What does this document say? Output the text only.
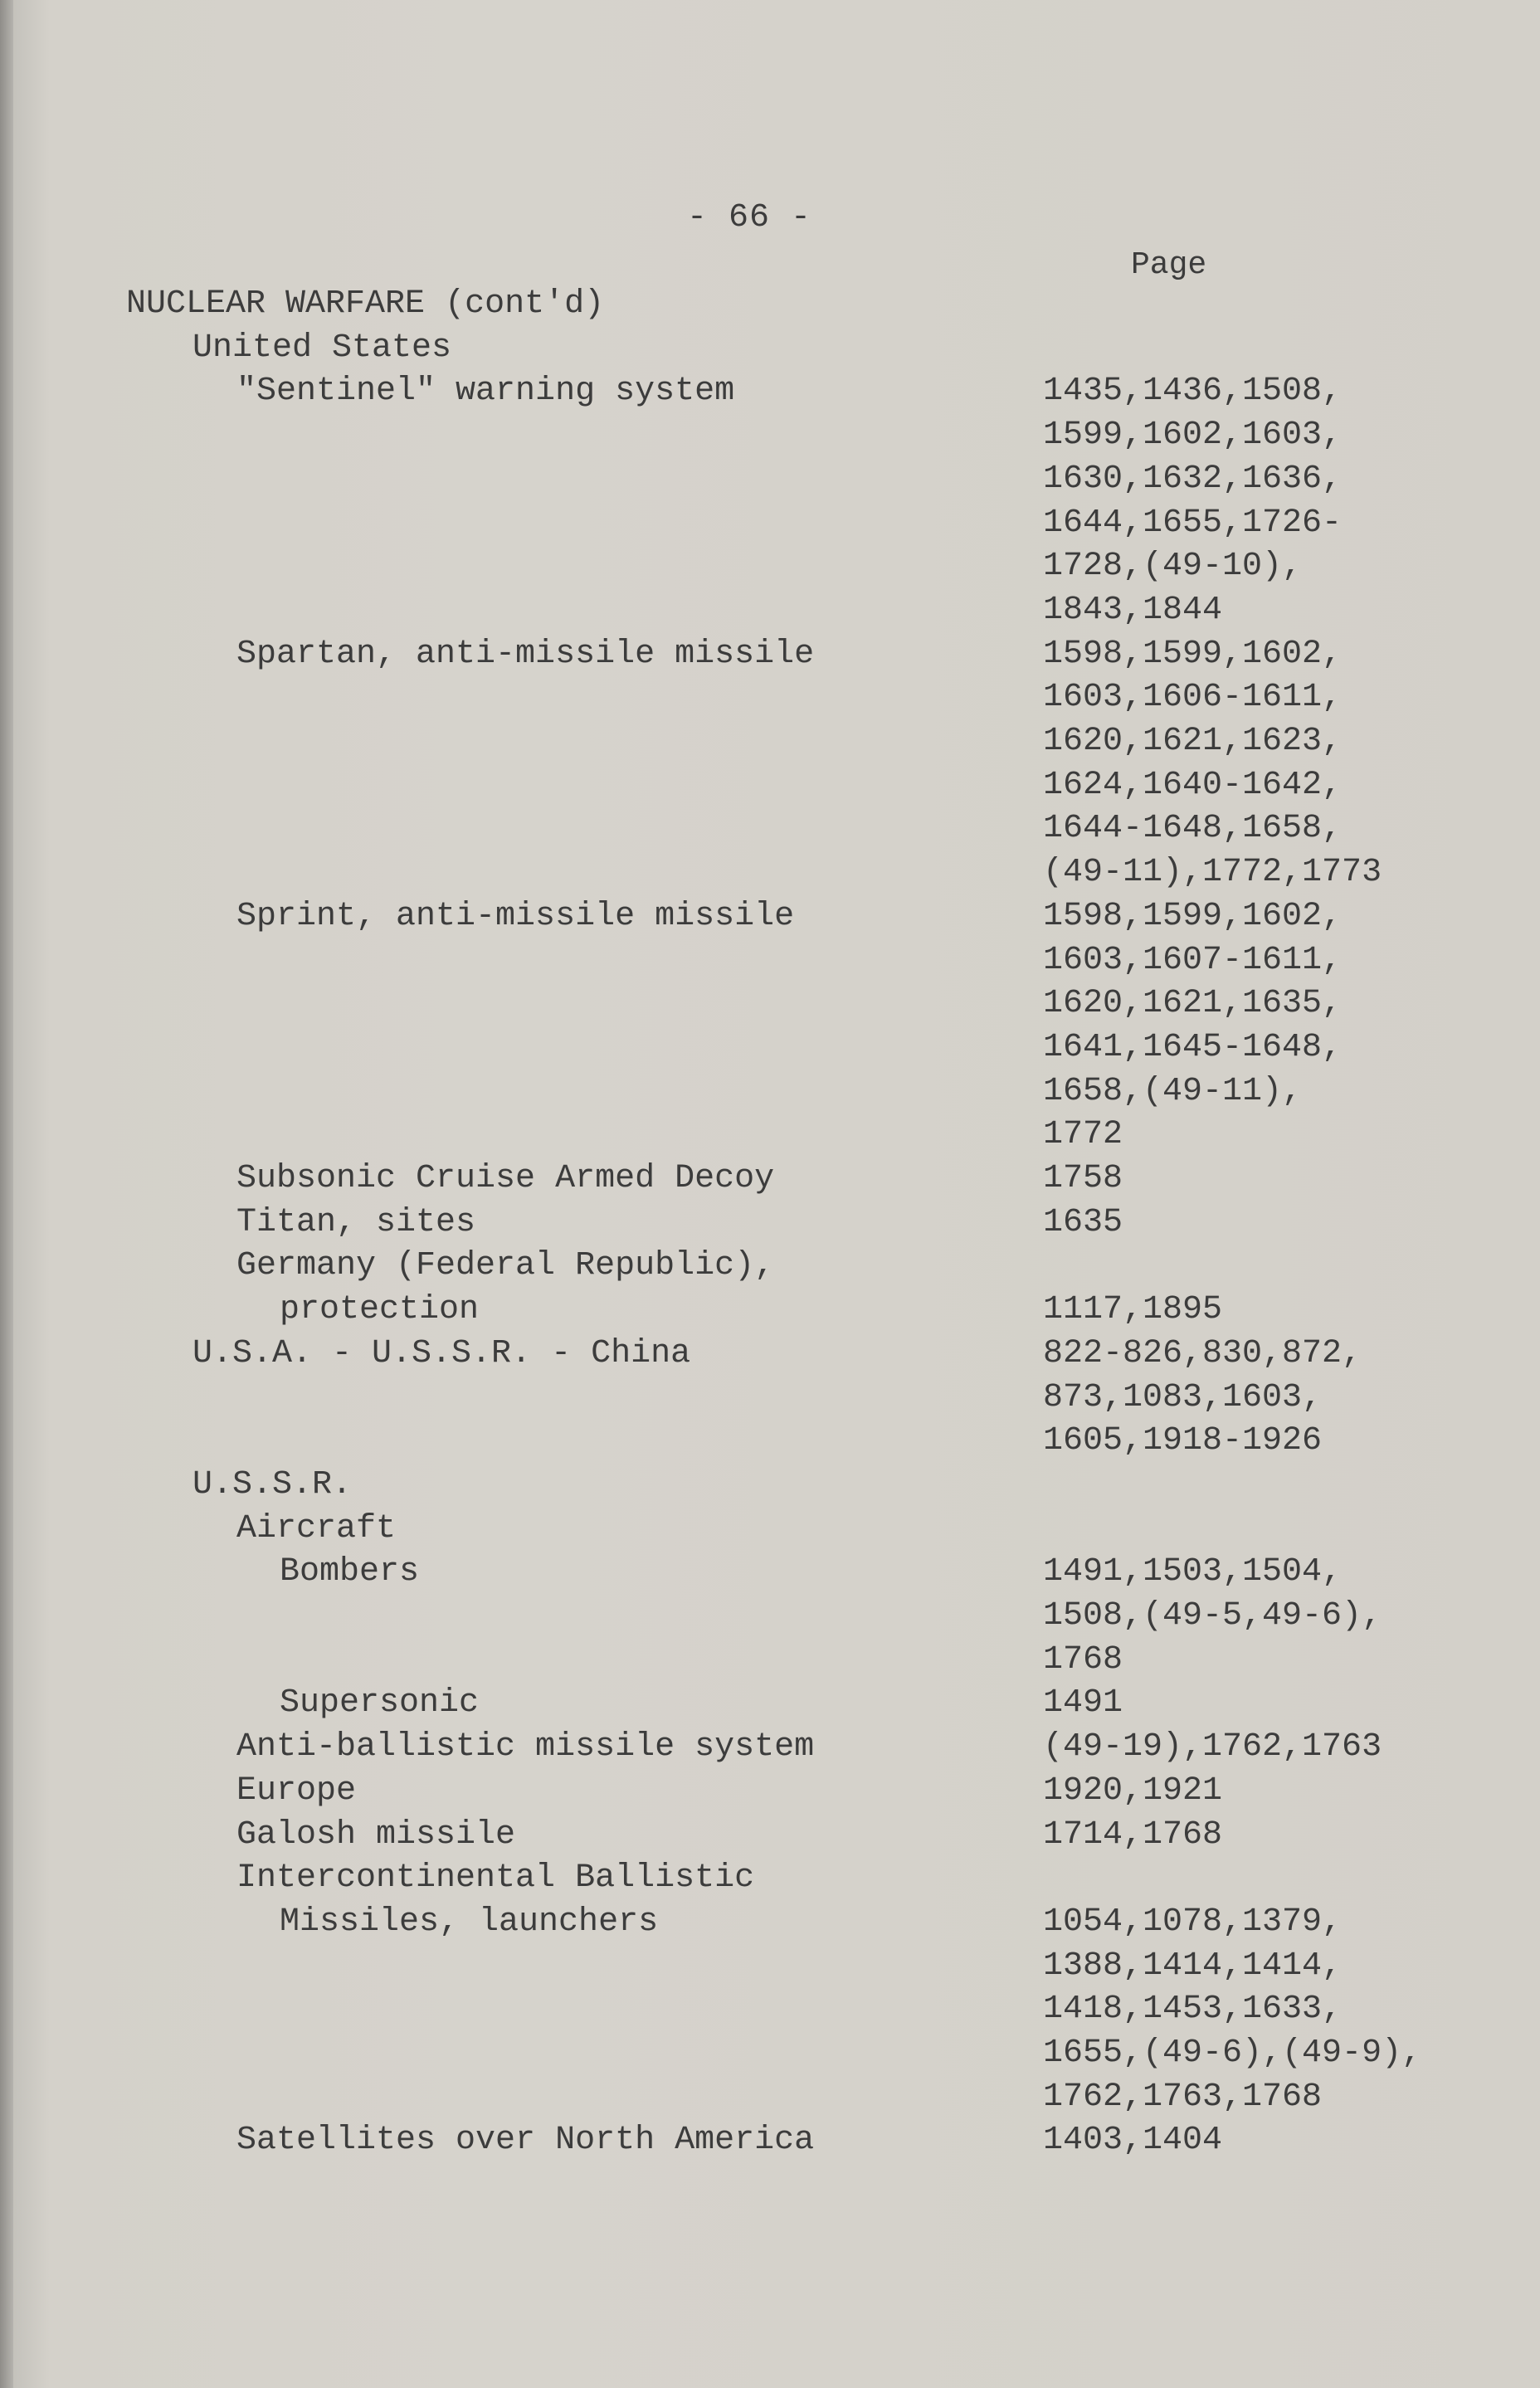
- 66 -
Page
NUCLEAR WARFARE (cont'd)
United States
"Sentinel" warning system	1435,1436,1508,
1599,1602,1603,
1630,1632,1636,
1644,1655,1726-
1728,(49-10),
1843,1844
Spartan, anti-missile missile	1598,1599,1602,
1603,1606-1611,
1620,1621,1623,
1624,1640-1642,
1644-1648,1658,
(49-11),1772,1773
Sprint, anti-missile missile	1598,1599,1602,
1603,1607-1611,
1620,1621,1635,
1641,1645-1648,
1658,(49-11),
1772
Subsonic Cruise Armed Decoy	1758
Titan, sites	1635
Germany (Federal Republic),
protection	1117,1895
U.S.A. - U.S.S.R. - China	822-826,830,872,
873,1083,1603,
1605,1918-1926
U.S.S.R.
Aircraft
Bombers	1491,1503,1504,
1508,(49-5,49-6),
1768
Supersonic	1491
Anti-ballistic missile system	(49-19),1762,1763
Europe	1920,1921
Galosh missile	1714,1768
Intercontinental Ballistic
Missiles, launchers	1054,1078,1379,
1388,1414,1414,
1418,1453,1633,
1655,(49-6),(49-9),
1762,1763,1768
Satellites over North America	1403,1404
